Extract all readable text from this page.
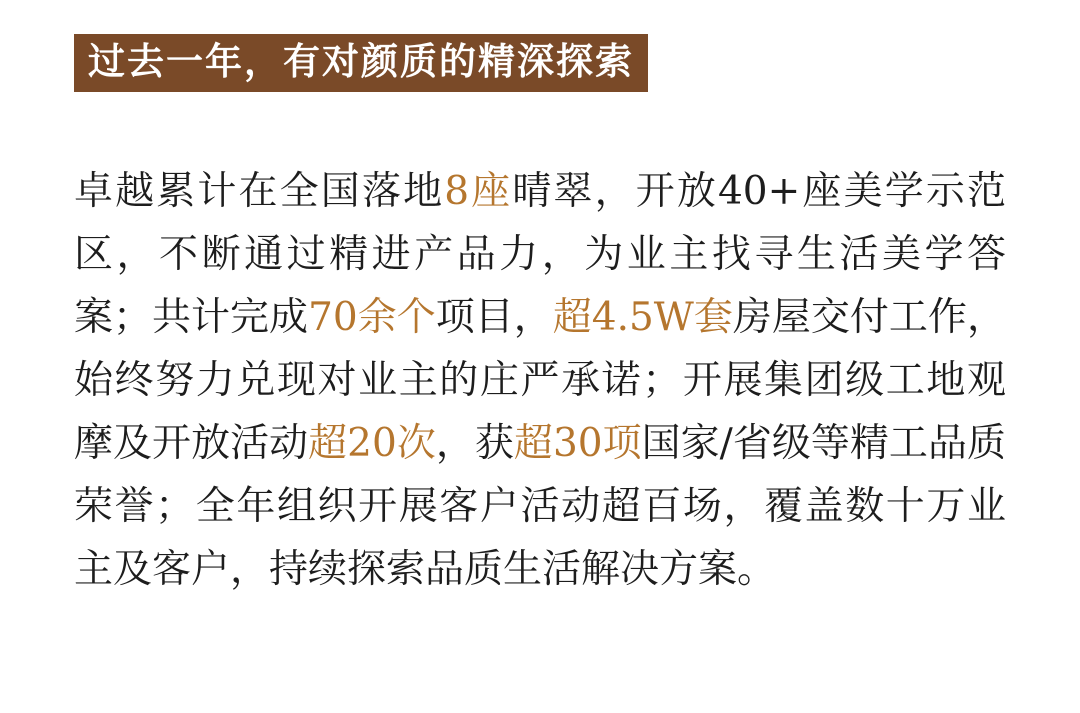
过去一年，有对颜质的精深探索

卓越累计在全国落地8座晴翠，开放40+座美学示范区，不断通过精进产品力，为业主找寻生活美学答案；共计完成70余个项目，超4.5W套房屋交付工作，始终努力兑现对业主的庄严承诺；开展集团级工地观摩及开放活动超20次，获超30项国家/省级等精工品质荣誉；全年组织开展客户活动超百场，覆盖数十万业主及客户，持续探索品质生活解决方案。
